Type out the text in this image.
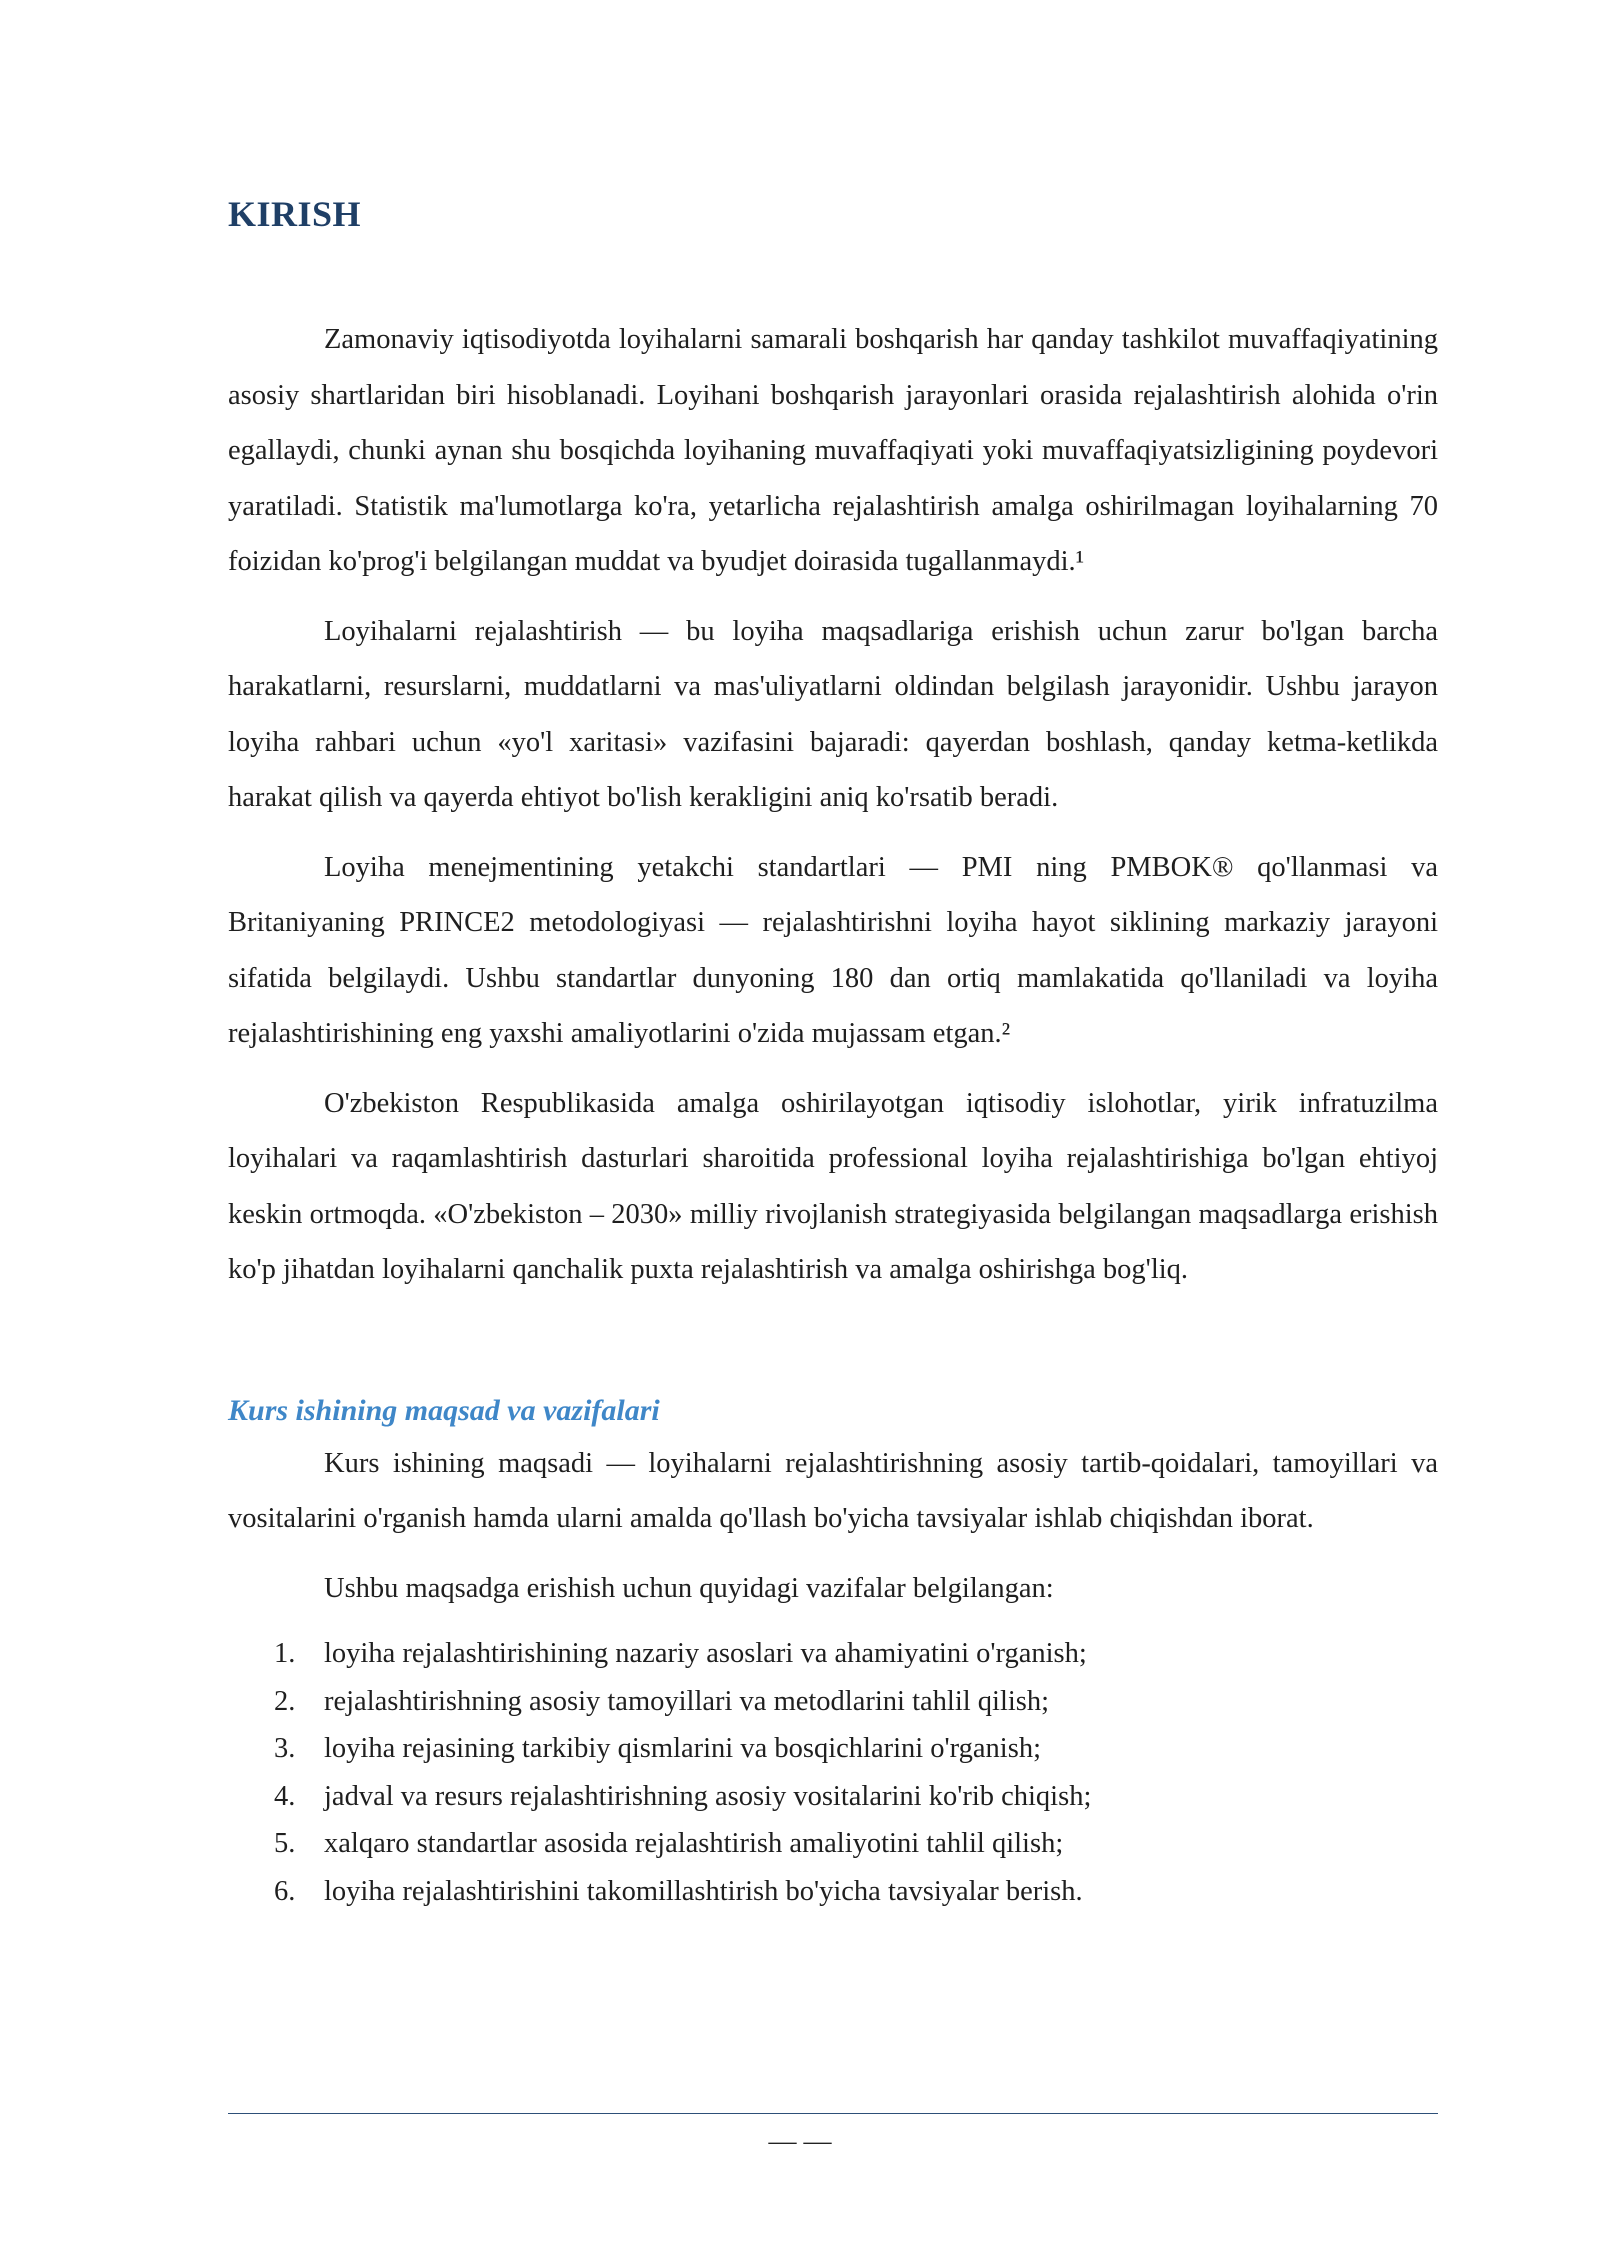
KIRISH

Zamonaviy iqtisodiyotda loyihalarni samarali boshqarish har qanday tashkilot muvaffaqiyatining asosiy shartlaridan biri hisoblanadi. Loyihani boshqarish jarayonlari orasida rejalashtirish alohida o'rin egallaydi, chunki aynan shu bosqichda loyihaning muvaffaqiyati yoki muvaffaqiyatsizligining poydevori yaratiladi. Statistik ma'lumotlarga ko'ra, yetarlicha rejalashtirish amalga oshirilmagan loyihalarning 70 foizidan ko'prog'i belgilangan muddat va byudjet doirasida tugallanmaydi.¹

Loyihalarni rejalashtirish — bu loyiha maqsadlariga erishish uchun zarur bo'lgan barcha harakatlarni, resurslarni, muddatlarni va mas'uliyatlarni oldindan belgilash jarayonidir. Ushbu jarayon loyiha rahbari uchun «yo'l xaritasi» vazifasini bajaradi: qayerdan boshlash, qanday ketma-ketlikda harakat qilish va qayerda ehtiyot bo'lish kerakligini aniq ko'rsatib beradi.

Loyiha menejmentining yetakchi standartlari — PMI ning PMBOK® qo'llanmasi va Britaniyaning PRINCE2 metodologiyasi — rejalashtirishni loyiha hayot siklining markaziy jarayoni sifatida belgilaydi. Ushbu standartlar dunyoning 180 dan ortiq mamlakatida qo'llaniladi va loyiha rejalashtirishining eng yaxshi amaliyotlarini o'zida mujassam etgan.²

O'zbekiston Respublikasida amalga oshirilayotgan iqtisodiy islohotlar, yirik infratuzilma loyihalari va raqamlashtirish dasturlari sharoitida professional loyiha rejalashtirishiga bo'lgan ehtiyoj keskin ortmoqda. «O'zbekiston – 2030» milliy rivojlanish strategiyasida belgilangan maqsadlarga erishish ko'p jihatdan loyihalarni qanchalik puxta rejalashtirish va amalga oshirishga bog'liq.

Kurs ishining maqsad va vazifalari

Kurs ishining maqsadi — loyihalarni rejalashtirishning asosiy tartib-qoidalari, tamoyillari va vositalarini o'rganish hamda ularni amalda qo'llash bo'yicha tavsiyalar ishlab chiqishdan iborat.

Ushbu maqsadga erishish uchun quyidagi vazifalar belgilangan:

1.	loyiha rejalashtirishining nazariy asoslari va ahamiyatini o'rganish;
2.	rejalashtirishning asosiy tamoyillari va metodlarini tahlil qilish;
3.	loyiha rejasining tarkibiy qismlarini va bosqichlarini o'rganish;
4.	jadval va resurs rejalashtirishning asosiy vositalarini ko'rib chiqish;
5.	xalqaro standartlar asosida rejalashtirish amaliyotini tahlil qilish;
6.	loyiha rejalashtirishini takomillashtirish bo'yicha tavsiyalar berish.
— —
